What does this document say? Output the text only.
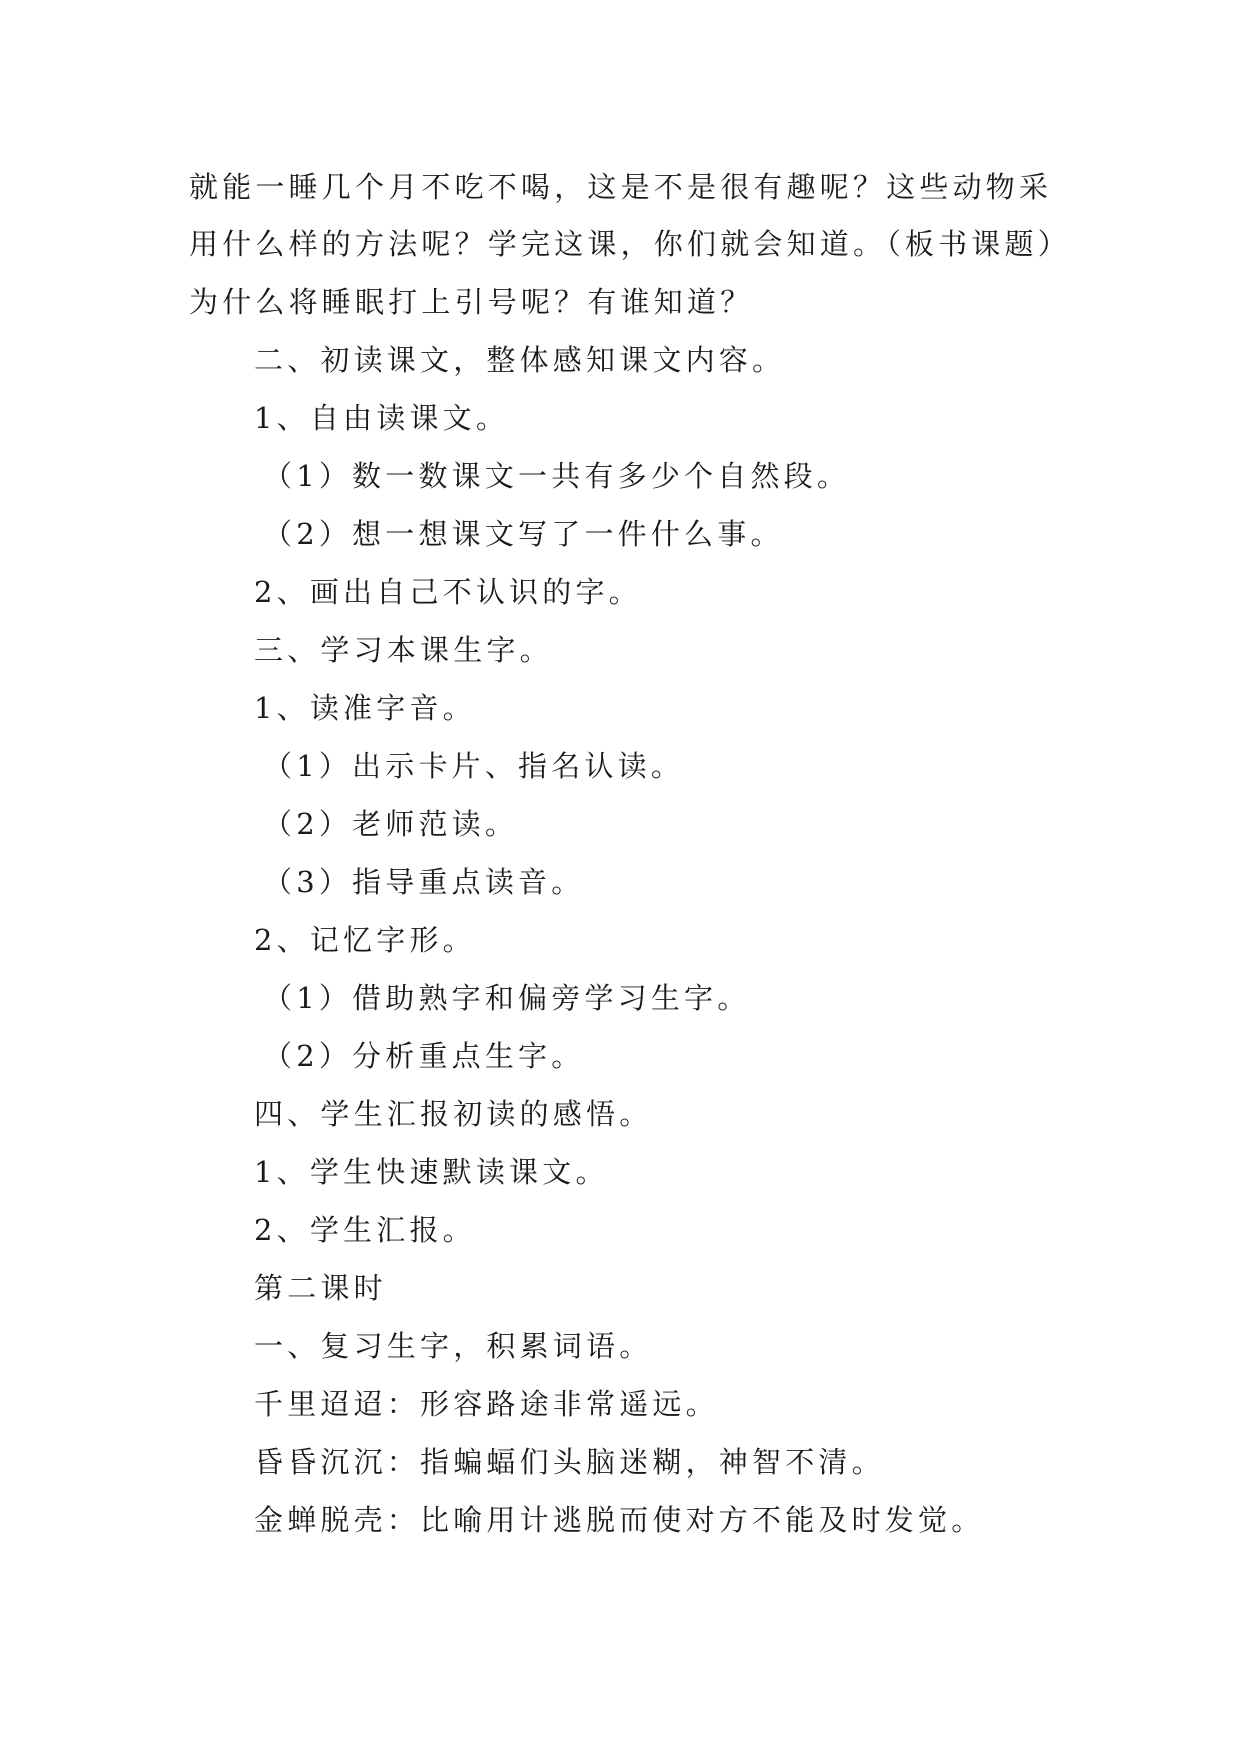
就能一睡几个月不吃不喝，这是不是很有趣呢？这些动物采
用什么样的方法呢？学完这课，你们就会知道。（板书课题）
为什么将睡眠打上引号呢？有谁知道？
二、初读课文，整体感知课文内容。
1、自由读课文。
（1）数一数课文一共有多少个自然段。
（2）想一想课文写了一件什么事。
2、画出自己不认识的字。
三、学习本课生字。
1、读准字音。
（1）出示卡片、指名认读。
（2）老师范读。
（3）指导重点读音。
2、记忆字形。
（1）借助熟字和偏旁学习生字。
（2）分析重点生字。
四、学生汇报初读的感悟。
1、学生快速默读课文。
2、学生汇报。
第二课时
一、复习生字，积累词语。
千里迢迢：形容路途非常遥远。
昏昏沉沉：指蝙蝠们头脑迷糊，神智不清。
金蝉脱壳：比喻用计逃脱而使对方不能及时发觉。
